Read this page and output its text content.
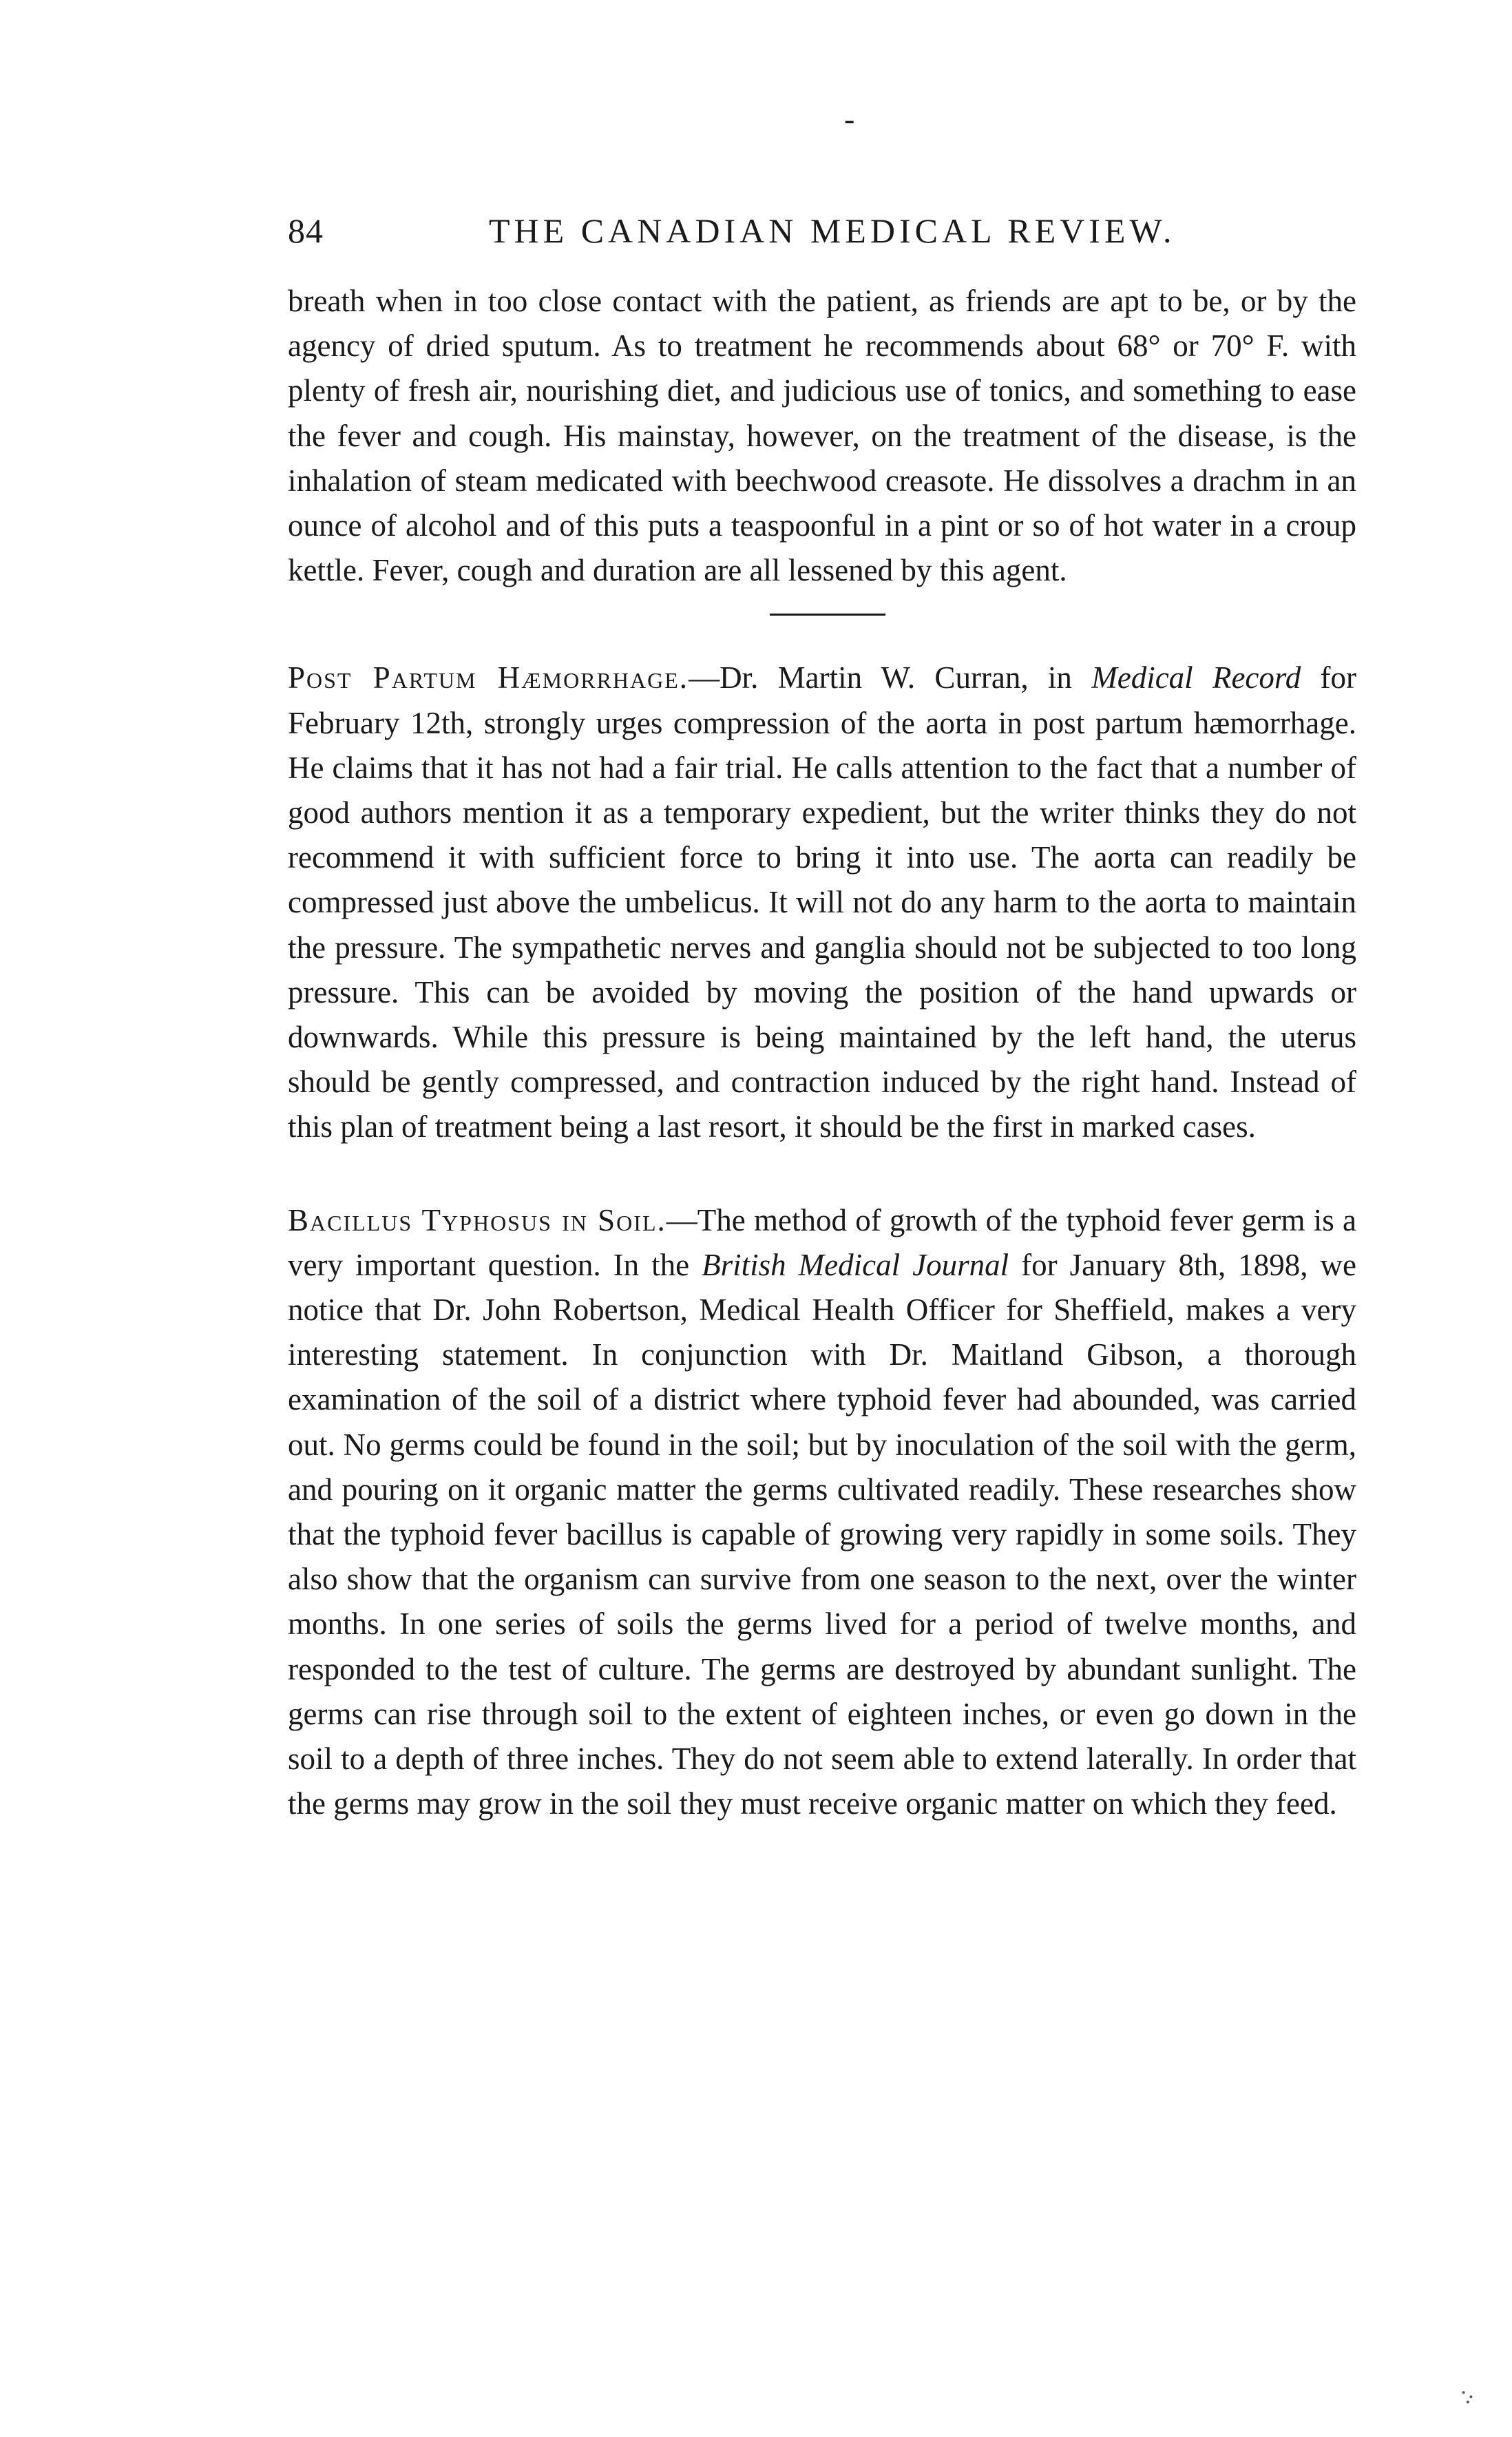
-
84	THE CANADIAN MEDICAL REVIEW.

breath when in too close contact with the patient, as friends are apt to be, or by the agency of dried sputum. As to treatment he recommends about 68° or 70° F. with plenty of fresh air, nourishing diet, and judicious use of tonics, and something to ease the fever and cough. His mainstay, however, on the treatment of the disease, is the inhalation of steam medicated with beechwood creasote. He dissolves a drachm in an ounce of alcohol and of this puts a teaspoonful in a pint or so of hot water in a croup kettle. Fever, cough and duration are all lessened by this agent.

Post Partum Hæmorrhage.—Dr. Martin W. Curran, in Medical Record for February 12th, strongly urges compression of the aorta in post partum hæmorrhage. He claims that it has not had a fair trial. He calls attention to the fact that a number of good authors mention it as a temporary expedient, but the writer thinks they do not recommend it with sufficient force to bring it into use. The aorta can readily be compressed just above the umbelicus. It will not do any harm to the aorta to maintain the pressure. The sympathetic nerves and ganglia should not be subjected to too long pressure. This can be avoided by moving the position of the hand upwards or downwards. While this pressure is being maintained by the left hand, the uterus should be gently compressed, and contraction induced by the right hand. Instead of this plan of treatment being a last resort, it should be the first in marked cases.

Bacillus Typhosus in Soil.—The method of growth of the typhoid fever germ is a very important question. In the British Medical Journal for January 8th, 1898, we notice that Dr. John Robertson, Medical Health Officer for Sheffield, makes a very interesting statement. In conjunction with Dr. Maitland Gibson, a thorough examination of the soil of a district where typhoid fever had abounded, was carried out. No germs could be found in the soil; but by inoculation of the soil with the germ, and pouring on it organic matter the germs cultivated readily. These researches show that the typhoid fever bacillus is capable of growing very rapidly in some soils. They also show that the organism can survive from one season to the next, over the winter months. In one series of soils the germs lived for a period of twelve months, and responded to the test of culture. The germs are destroyed by abundant sunlight. The germs can rise through soil to the extent of eighteen inches, or even go down in the soil to a depth of three inches. They do not seem able to extend laterally. In order that the germs may grow in the soil they must receive organic matter on which they feed.

.:
